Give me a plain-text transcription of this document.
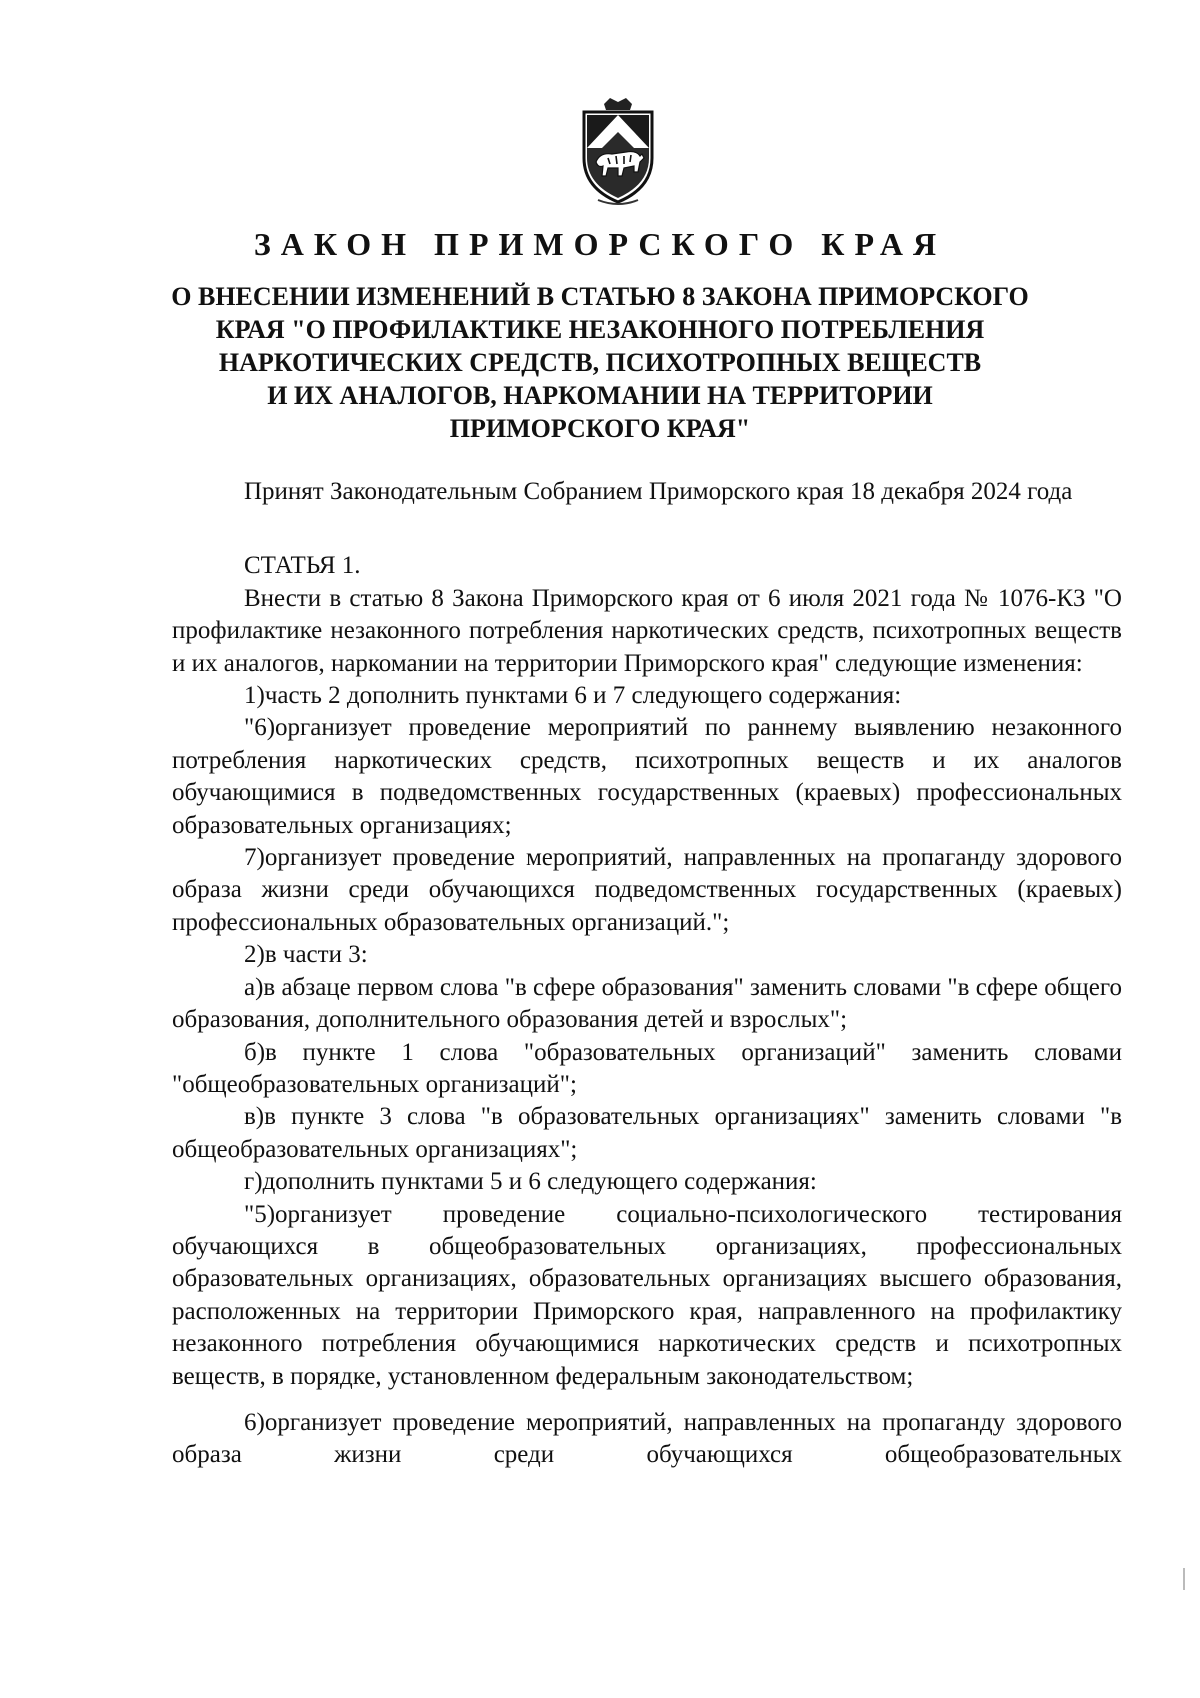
ЗАКОН ПРИМОРСКОГО КРАЯ
О ВНЕСЕНИИ ИЗМЕНЕНИЙ В СТАТЬЮ 8 ЗАКОНА ПРИМОРСКОГО
КРАЯ "О ПРОФИЛАКТИКЕ НЕЗАКОННОГО ПОТРЕБЛЕНИЯ
НАРКОТИЧЕСКИХ СРЕДСТВ, ПСИХОТРОПНЫХ ВЕЩЕСТВ
И ИХ АНАЛОГОВ, НАРКОМАНИИ НА ТЕРРИТОРИИ
ПРИМОРСКОГО КРАЯ"

Принят Законодательным Собранием Приморского края 18 декабря 2024 года

СТАТЬЯ 1.

Внести в статью 8 Закона Приморского края от 6 июля 2021 года № 1076-КЗ "О профилактике незаконного потребления наркотических средств, психотропных веществ и их аналогов, наркомании на территории Приморского края" следующие изменения:

1)часть 2 дополнить пунктами 6 и 7 следующего содержания:

"6)организует проведение мероприятий по раннему выявлению незаконного потребления наркотических средств, психотропных веществ и их аналогов обучающимися в подведомственных государственных (краевых) профессиональных образовательных организациях;

7)организует проведение мероприятий, направленных на пропаганду здорового образа жизни среди обучающихся подведомственных государственных (краевых) профессиональных образовательных организаций.";

2)в части 3:

а)в абзаце первом слова "в сфере образования" заменить словами "в сфере общего образования, дополнительного образования детей и взрослых";

б)в пункте 1 слова "образовательных организаций" заменить словами "общеобразовательных организаций";

в)в пункте 3 слова "в образовательных организациях" заменить словами "в общеобразовательных организациях";

г)дополнить пунктами 5 и 6 следующего содержания:

"5)организует проведение социально-психологического тестирования обучающихся в общеобразовательных организациях, профессиональных образовательных организациях, образовательных организациях высшего образования, расположенных на территории Приморского края, направленного на профилактику незаконного потребления обучающимися наркотических средств и психотропных веществ, в порядке, установленном федеральным законодательством;

6)организует проведение мероприятий, направленных на пропаганду здорового образа жизни среди обучающихся общеобразовательных
